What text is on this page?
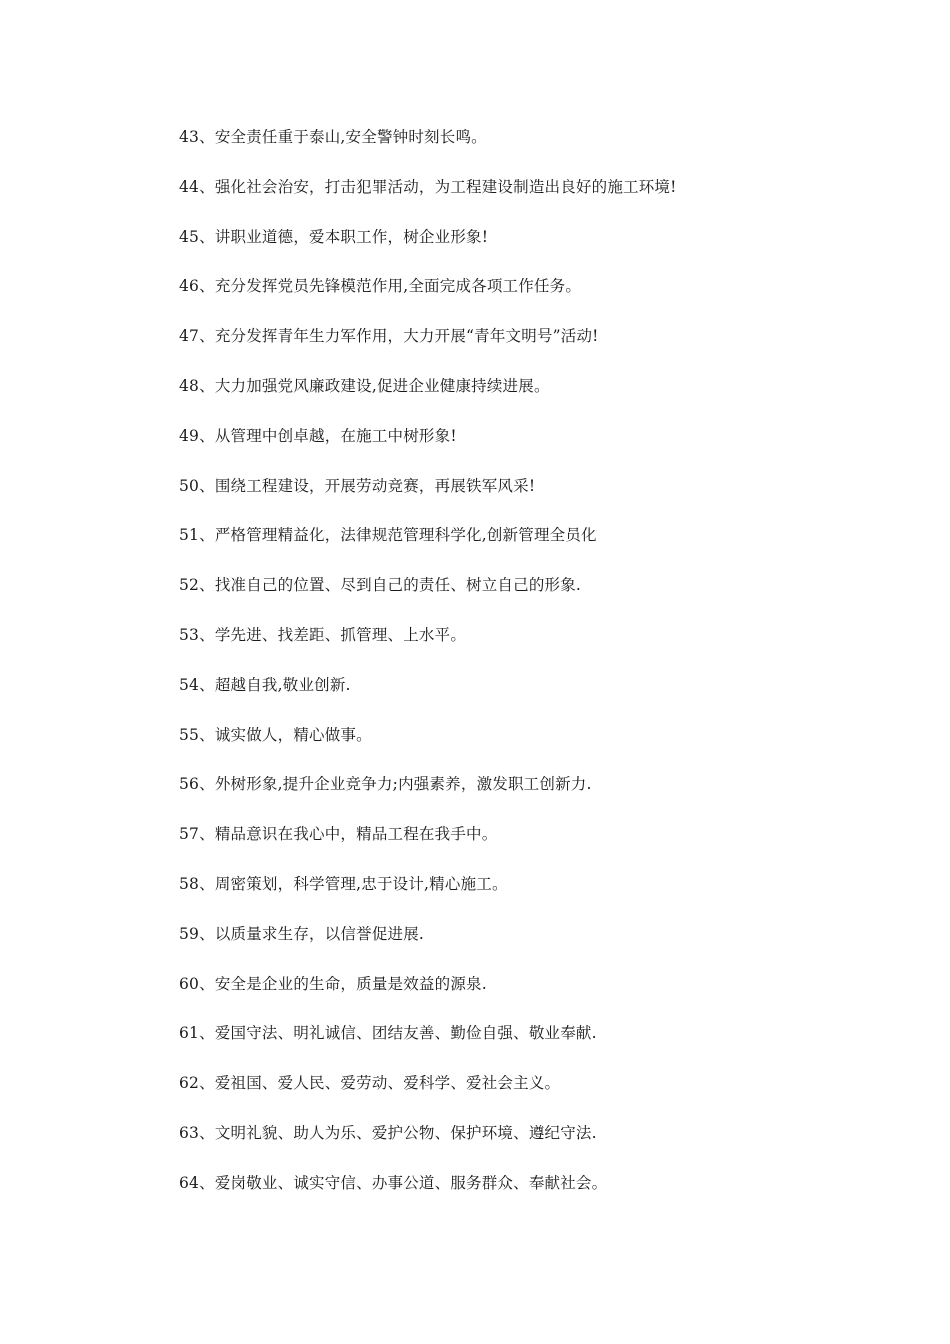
43、安全责任重于泰山,安全警钟时刻长鸣。
44、强化社会治安，打击犯罪活动，为工程建设制造出良好的施工环境!
45、讲职业道德，爱本职工作，树企业形象!
46、充分发挥党员先锋模范作用,全面完成各项工作任务。
47、充分发挥青年生力军作用，大力开展“青年文明号”活动!
48、大力加强党风廉政建设,促进企业健康持续进展。
49、从管理中创卓越，在施工中树形象!
50、围绕工程建设，开展劳动竞赛，再展铁军风采!
51、严格管理精益化，法律规范管理科学化,创新管理全员化
52、找准自己的位置、尽到自己的责任、树立自己的形象.
53、学先进、找差距、抓管理、上水平。
54、超越自我,敬业创新.
55、诚实做人，精心做事。
56、外树形象,提升企业竞争力;内强素养，激发职工创新力.
57、精品意识在我心中，精品工程在我手中。
58、周密策划，科学管理,忠于设计,精心施工。
59、以质量求生存，以信誉促进展.
60、安全是企业的生命，质量是效益的源泉.
61、爱国守法、明礼诚信、团结友善、勤俭自强、敬业奉献.
62、爱祖国、爱人民、爱劳动、爱科学、爱社会主义。
63、文明礼貌、助人为乐、爱护公物、保护环境、遵纪守法.
64、爱岗敬业、诚实守信、办事公道、服务群众、奉献社会。
